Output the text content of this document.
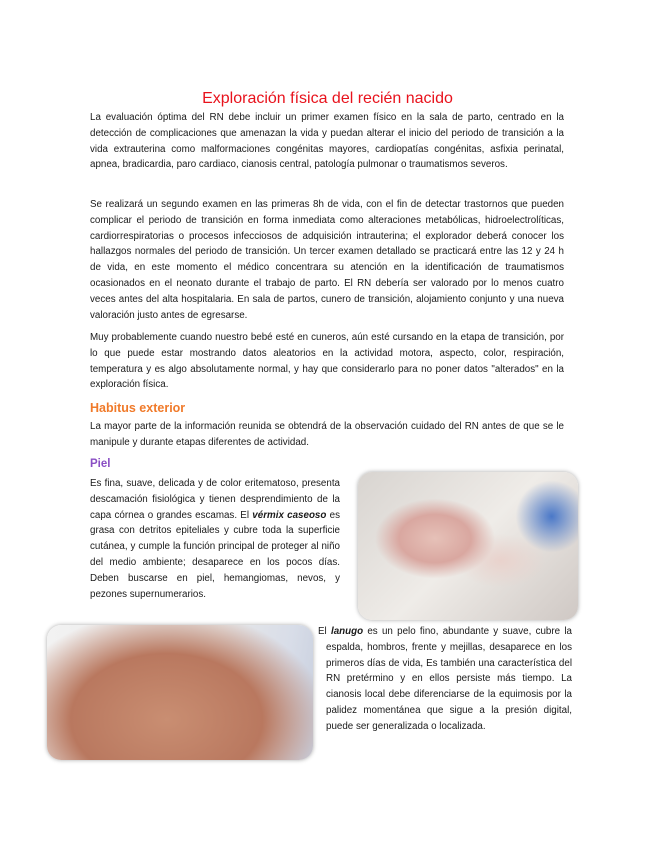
Exploración física del recién nacido

La evaluación óptima del RN debe incluir un primer examen físico en la sala de parto, centrado en la detección de complicaciones que amenazan la vida y puedan alterar el inicio del periodo de transición a la vida extrauterina como malformaciones congénitas mayores, cardiopatías congénitas, asfixia perinatal, apnea, bradicardia, paro cardiaco, cianosis central, patología pulmonar o traumatismos severos.

Se realizará un segundo examen en las primeras 8h de vida, con el fin de detectar trastornos que pueden complicar el periodo de transición en forma inmediata como alteraciones metabólicas, hidroelectrolíticas, cardiorrespiratorias o procesos infecciosos de adquisición intrauterina; el explorador deberá conocer los hallazgos normales del periodo de transición. Un tercer examen detallado se practicará entre las 12 y 24 h de vida, en este momento el médico concentrara su atención en la identificación de traumatismos ocasionados en el neonato durante el trabajo de parto. El RN debería ser valorado por lo menos cuatro veces antes del alta hospitalaria. En sala de partos, cunero de transición, alojamiento conjunto y una nueva valoración justo antes de egresarse.

Muy probablemente cuando nuestro bebé esté en cuneros, aún esté cursando en la etapa de transición, por lo que puede estar mostrando datos aleatorios en la actividad motora, aspecto, color, respiración, temperatura y es algo absolutamente normal, y hay que considerarlo para no poner datos "alterados" en la exploración física.

Habitus exterior

La mayor parte de la información reunida se obtendrá de la observación cuidado del RN antes de que se le manipule y durante etapas diferentes de actividad.

Piel

Es fina, suave, delicada y de color eritematoso, presenta descamación fisiológica y tienen desprendimiento de la capa córnea o grandes escamas. El vérmix caseoso es grasa con detritos epiteliales y cubre toda la superficie cutánea, y cumple la función principal de proteger al niño del medio ambiente; desaparece en los pocos días. Deben buscarse en piel, hemangiomas, nevos, y pezones supernumerarios.

El lanugo es un pelo fino, abundante y suave, cubre la espalda, hombros, frente y mejillas, desaparece en los primeros días de vida, Es también una característica del RN pretérmino y en ellos persiste más tiempo. La cianosis local debe diferenciarse de la equimosis por la palidez momentánea que sigue a la presión digital, puede ser generalizada o localizada.
